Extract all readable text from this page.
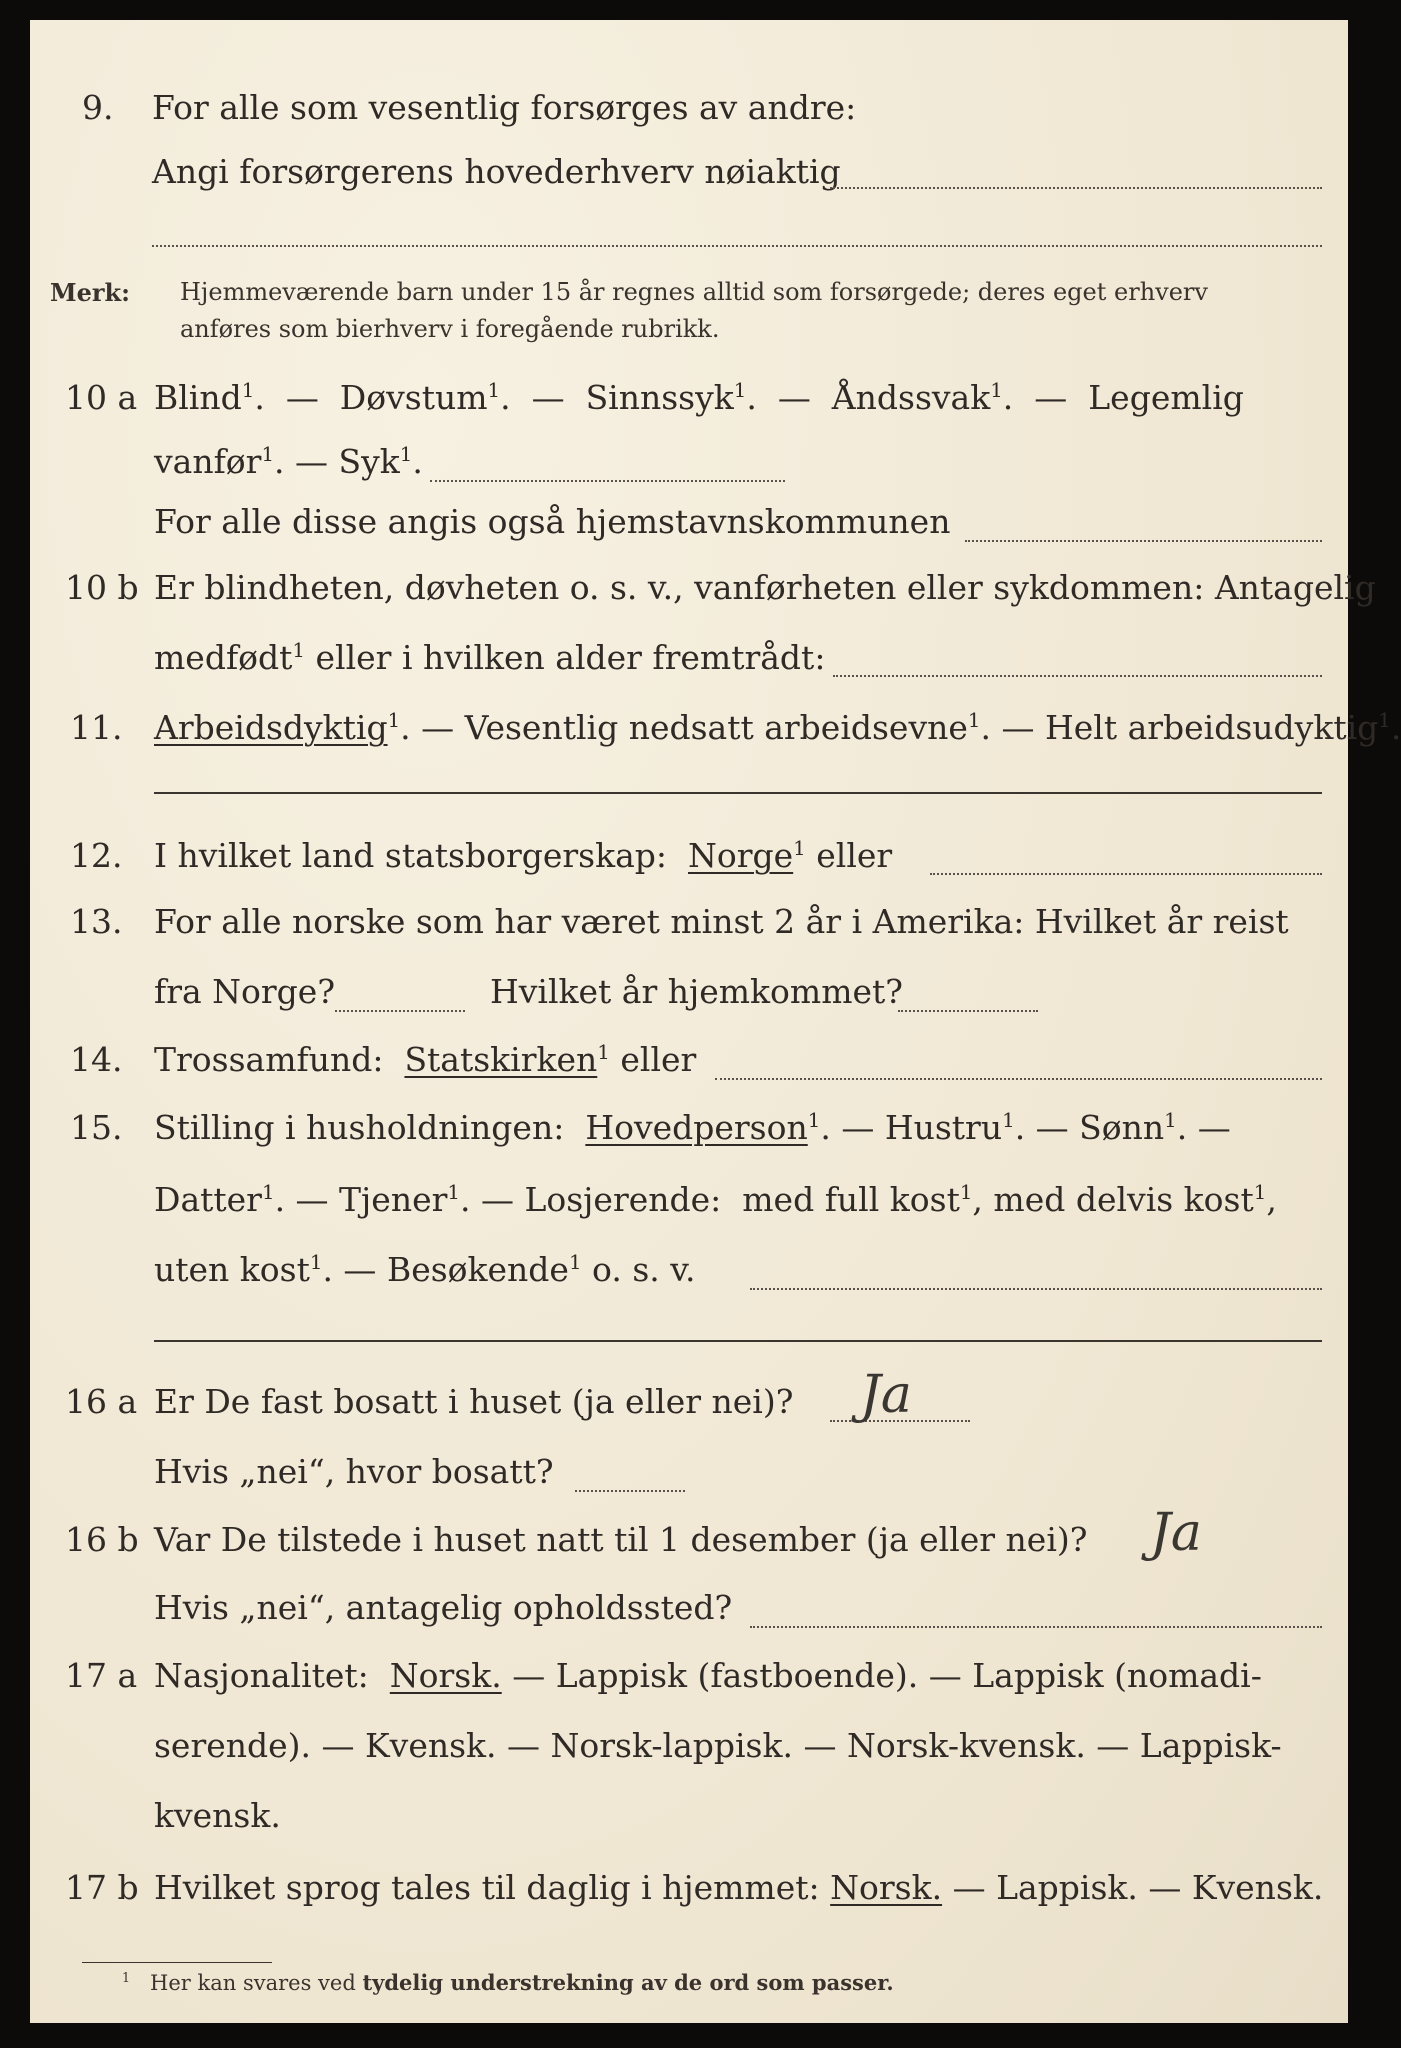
9. For alle som vesentlig forsørges av andre:
Angi forsørgerens hovederhverv nøiaktig
Merk: Hjemmeværende barn under 15 år regnes alltid som forsørgede; deres eget erhverv
anføres som bierhverv i foregående rubrikk.
10 a Blind$^1$.  —  Døvstum$^1$.  —  Sinnssyk$^1$.  —  Åndssvak$^1$.  —  Legemlig
vanfør$^1$. — Syk$^1$.
For alle disse angis også hjemstavnskommunen
10 b Er blindheten, døvheten o. s. v., vanførheten eller sykdommen: Antagelig
medfødt$^1$ eller i hvilken alder fremtrådt:
11. Arbeidsdyktig$^1$. — Vesentlig nedsatt arbeidsevne$^1$. — Helt arbeidsudyktig$^1$.
12. I hvilket land statsborgerskap: Norge$^1$ eller
13. For alle norske som har været minst 2 år i Amerika: Hvilket år reist
fra Norge?	Hvilket år hjemkommet?
14. Trossamfund: Statskirken$^1$ eller
15. Stilling i husholdningen: Hovedperson$^1$. — Hustru$^1$. — Sønn$^1$. —
Datter$^1$. — Tjener$^1$. — Losjerende: med full kost$^1$, med delvis kost$^1$,
uten kost$^1$. — Besøkende$^1$ o. s. v.
16 a Er De fast bosatt i huset (ja eller nei)? Ja
Hvis „nei“, hvor bosatt?
16 b Var De tilstede i huset natt til 1 desember (ja eller nei)? Ja
Hvis „nei“, antagelig opholdssted?
17 a Nasjonalitet: Norsk. — Lappisk (fastboende). — Lappisk (nomadi-
serende). — Kvensk. — Norsk-lappisk. — Norsk-kvensk. — Lappisk-
kvensk.
17 b Hvilket sprog tales til daglig i hjemmet: Norsk. — Lappisk. — Kvensk.
$^1$ Her kan svares ved tydelig understrekning av de ord som passer.
